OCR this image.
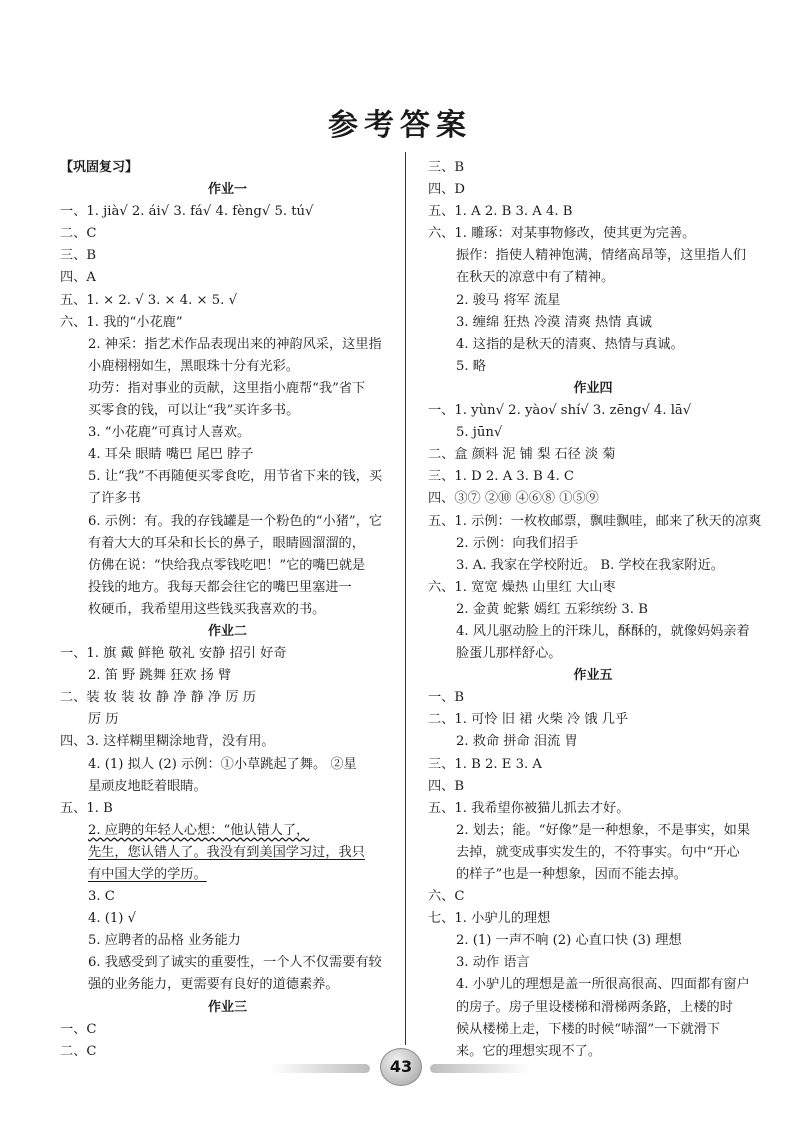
参考答案
【巩固复习】
作业一
一、1. jià√ 2. ái√ 3. fá√ 4. fèng√ 5. tú√
二、C
三、B
四、A
五、1. × 2. √ 3. × 4. × 5. √
六、1. 我的“小花鹿”
2. 神采：指艺术作品表现出来的神韵风采，这里指
小鹿栩栩如生，黑眼珠十分有光彩。
功劳：指对事业的贡献，这里指小鹿帮“我”省下
买零食的钱，可以让“我”买许多书。
3. “小花鹿”可真讨人喜欢。
4. 耳朵 眼睛 嘴巴 尾巴 脖子
5. 让“我”不再随便买零食吃，用节省下来的钱，买
了许多书
6. 示例：有。我的存钱罐是一个粉色的“小猪”，它
有着大大的耳朵和长长的鼻子，眼睛圆溜溜的，
仿佛在说：“快给我点零钱吃吧！”它的嘴巴就是
投钱的地方。我每天都会往它的嘴巴里塞进一
枚硬币，我希望用这些钱买我喜欢的书。
作业二
一、1. 旗 戴 鲜艳 敬礼 安静 招引 好奇
2. 笛 野 跳舞 狂欢 扬 臂
二、装 妆 装 妆 静 净 静 净 厉 历
厉 历
四、3. 这样糊里糊涂地背，没有用。
4. (1) 拟人 (2) 示例：①小草跳起了舞。 ②星
星顽皮地眨着眼睛。
五、1. B
2. 应聘的年轻人心想：“他认错人了，
先生，您认错人了。我没有到美国学习过，我只
有中国大学的学历。
3. C
4. (1) √
5. 应聘者的品格 业务能力
6. 我感受到了诚实的重要性，一个人不仅需要有较
强的业务能力，更需要有良好的道德素养。
作业三
一、C
二、C
三、B
四、D
五、1. A 2. B 3. A 4. B
六、1. 雕琢：对某事物修改，使其更为完善。
振作：指使人精神饱满，情绪高昂等，这里指人们
在秋天的凉意中有了精神。
2. 骏马 将军 流星
3. 缠绵 狂热 冷漠 清爽 热情 真诚
4. 这指的是秋天的清爽、热情与真诚。
5. 略
作业四
一、1. yùn√ 2. yào√ shí√ 3. zēng√ 4. lā√
5. jūn√
二、盒 颜料 泥 铺 梨 石径 淡 菊
三、1. D 2. A 3. B 4. C
四、③⑦ ②⑩ ④⑥⑧ ①⑤⑨
五、1. 示例：一枚枚邮票，飘哇飘哇，邮来了秋天的凉爽
2. 示例：向我们招手
3. A. 我家在学校附近。 B. 学校在我家附近。
六、1. 宽宽 燥热 山里红 大山枣
2. 金黄 蛇紫 嫣红 五彩缤纷 3. B
4. 风儿驱动脸上的汗珠儿，酥酥的，就像妈妈亲着
脸蛋儿那样舒心。
作业五
一、B
二、1. 可怜 旧 裙 火柴 冷 饿 几乎
2. 救命 拼命 泪流 胃
三、1. B 2. E 3. A
四、B
五、1. 我希望你被猫儿抓去才好。
2. 划去；能。“好像”是一种想象，不是事实，如果
去掉，就变成事实发生的，不符事实。句中“开心
的样子”也是一种想象，因而不能去掉。
六、C
七、1. 小驴儿的理想
2. (1) 一声不响 (2) 心直口快 (3) 理想
3. 动作 语言
4. 小驴儿的理想是盖一所很高很高、四面都有窗户
的房子。房子里设楼梯和滑梯两条路，上楼的时
候从楼梯上走，下楼的时候“哧溜”一下就滑下
来。它的理想实现不了。
43
